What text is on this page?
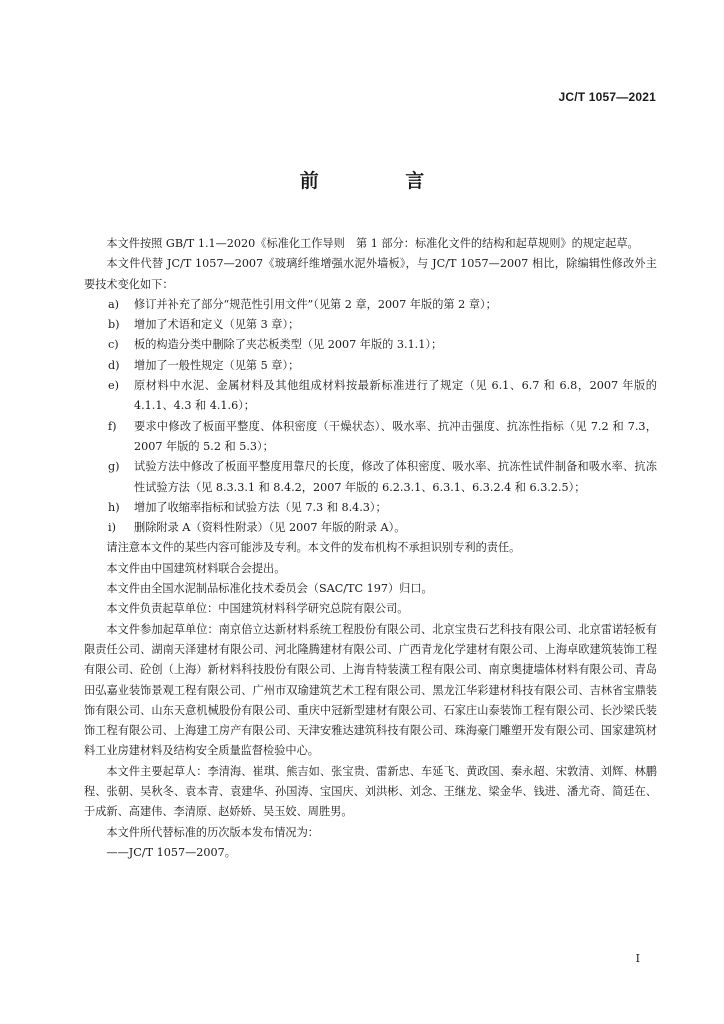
JC/T 1057—2021

前 言

本文件按照 GB/T 1.1—2020《标准化工作导则　第 1 部分：标准化文件的结构和起草规则》的规定起草。

本文件代替 JC/T 1057—2007《玻璃纤维增强水泥外墙板》，与 JC/T 1057—2007 相比，除编辑性修改外主要技术变化如下：

a)	修订并补充了部分“规范性引用文件”（见第 2 章，2007 年版的第 2 章）；
b)	增加了术语和定义（见第 3 章）；
c)	板的构造分类中删除了夹芯板类型（见 2007 年版的 3.1.1）；
d)	增加了一般性规定（见第 5 章）；
e)	原材料中水泥、金属材料及其他组成材料按最新标准进行了规定（见 6.1、6.7 和 6.8，2007 年版的 4.1.1、4.3 和 4.1.6）；
f)	要求中修改了板面平整度、体积密度（干燥状态）、吸水率、抗冲击强度、抗冻性指标（见 7.2 和 7.3，2007 年版的 5.2 和 5.3）；
g)	试验方法中修改了板面平整度用靠尺的长度，修改了体积密度、吸水率、抗冻性试件制备和吸水率、抗冻性试验方法（见 8.3.3.1 和 8.4.2，2007 年版的 6.2.3.1、6.3.1、6.3.2.4 和 6.3.2.5）；
h)	增加了收缩率指标和试验方法（见 7.3 和 8.4.3）；
i)	删除附录 A（资料性附录）（见 2007 年版的附录 A）。

请注意本文件的某些内容可能涉及专利。本文件的发布机构不承担识别专利的责任。

本文件由中国建筑材料联合会提出。

本文件由全国水泥制品标准化技术委员会（SAC/TC 197）归口。

本文件负责起草单位：中国建筑材料科学研究总院有限公司。

本文件参加起草单位：南京倍立达新材料系统工程股份有限公司、北京宝贵石艺科技有限公司、北京雷诺轻板有限责任公司、湖南天泽建材有限公司、河北隆腾建材有限公司、广西青龙化学建材有限公司、上海卓欧建筑装饰工程有限公司、砼创（上海）新材料科技股份有限公司、上海肯特装潢工程有限公司、南京奥捷墙体材料有限公司、青岛田弘嘉业装饰景观工程有限公司、广州市双瑜建筑艺术工程有限公司、黑龙江华彩建材科技有限公司、吉林省宝鼎装饰有限公司、山东天意机械股份有限公司、重庆中冠新型建材有限公司、石家庄山泰装饰工程有限公司、长沙梁氏装饰工程有限公司、上海建工房产有限公司、天津安雅达建筑科技有限公司、珠海豪门雕塑开发有限公司、国家建筑材料工业房建材料及结构安全质量监督检验中心。

本文件主要起草人：李清海、崔琪、熊吉如、张宝贵、雷新忠、车延飞、黄政国、秦永超、宋敦清、刘辉、林鹏程、张朝、吴秋冬、袁本青、袁建华、孙国涛、宝国庆、刘洪彬、刘念、王继龙、梁金华、钱进、潘尤奇、简廷在、于成新、高建伟、李清原、赵娇娇、吴玉姣、周胜男。

本文件所代替标准的历次版本发布情况为：

——JC/T 1057—2007。

I
